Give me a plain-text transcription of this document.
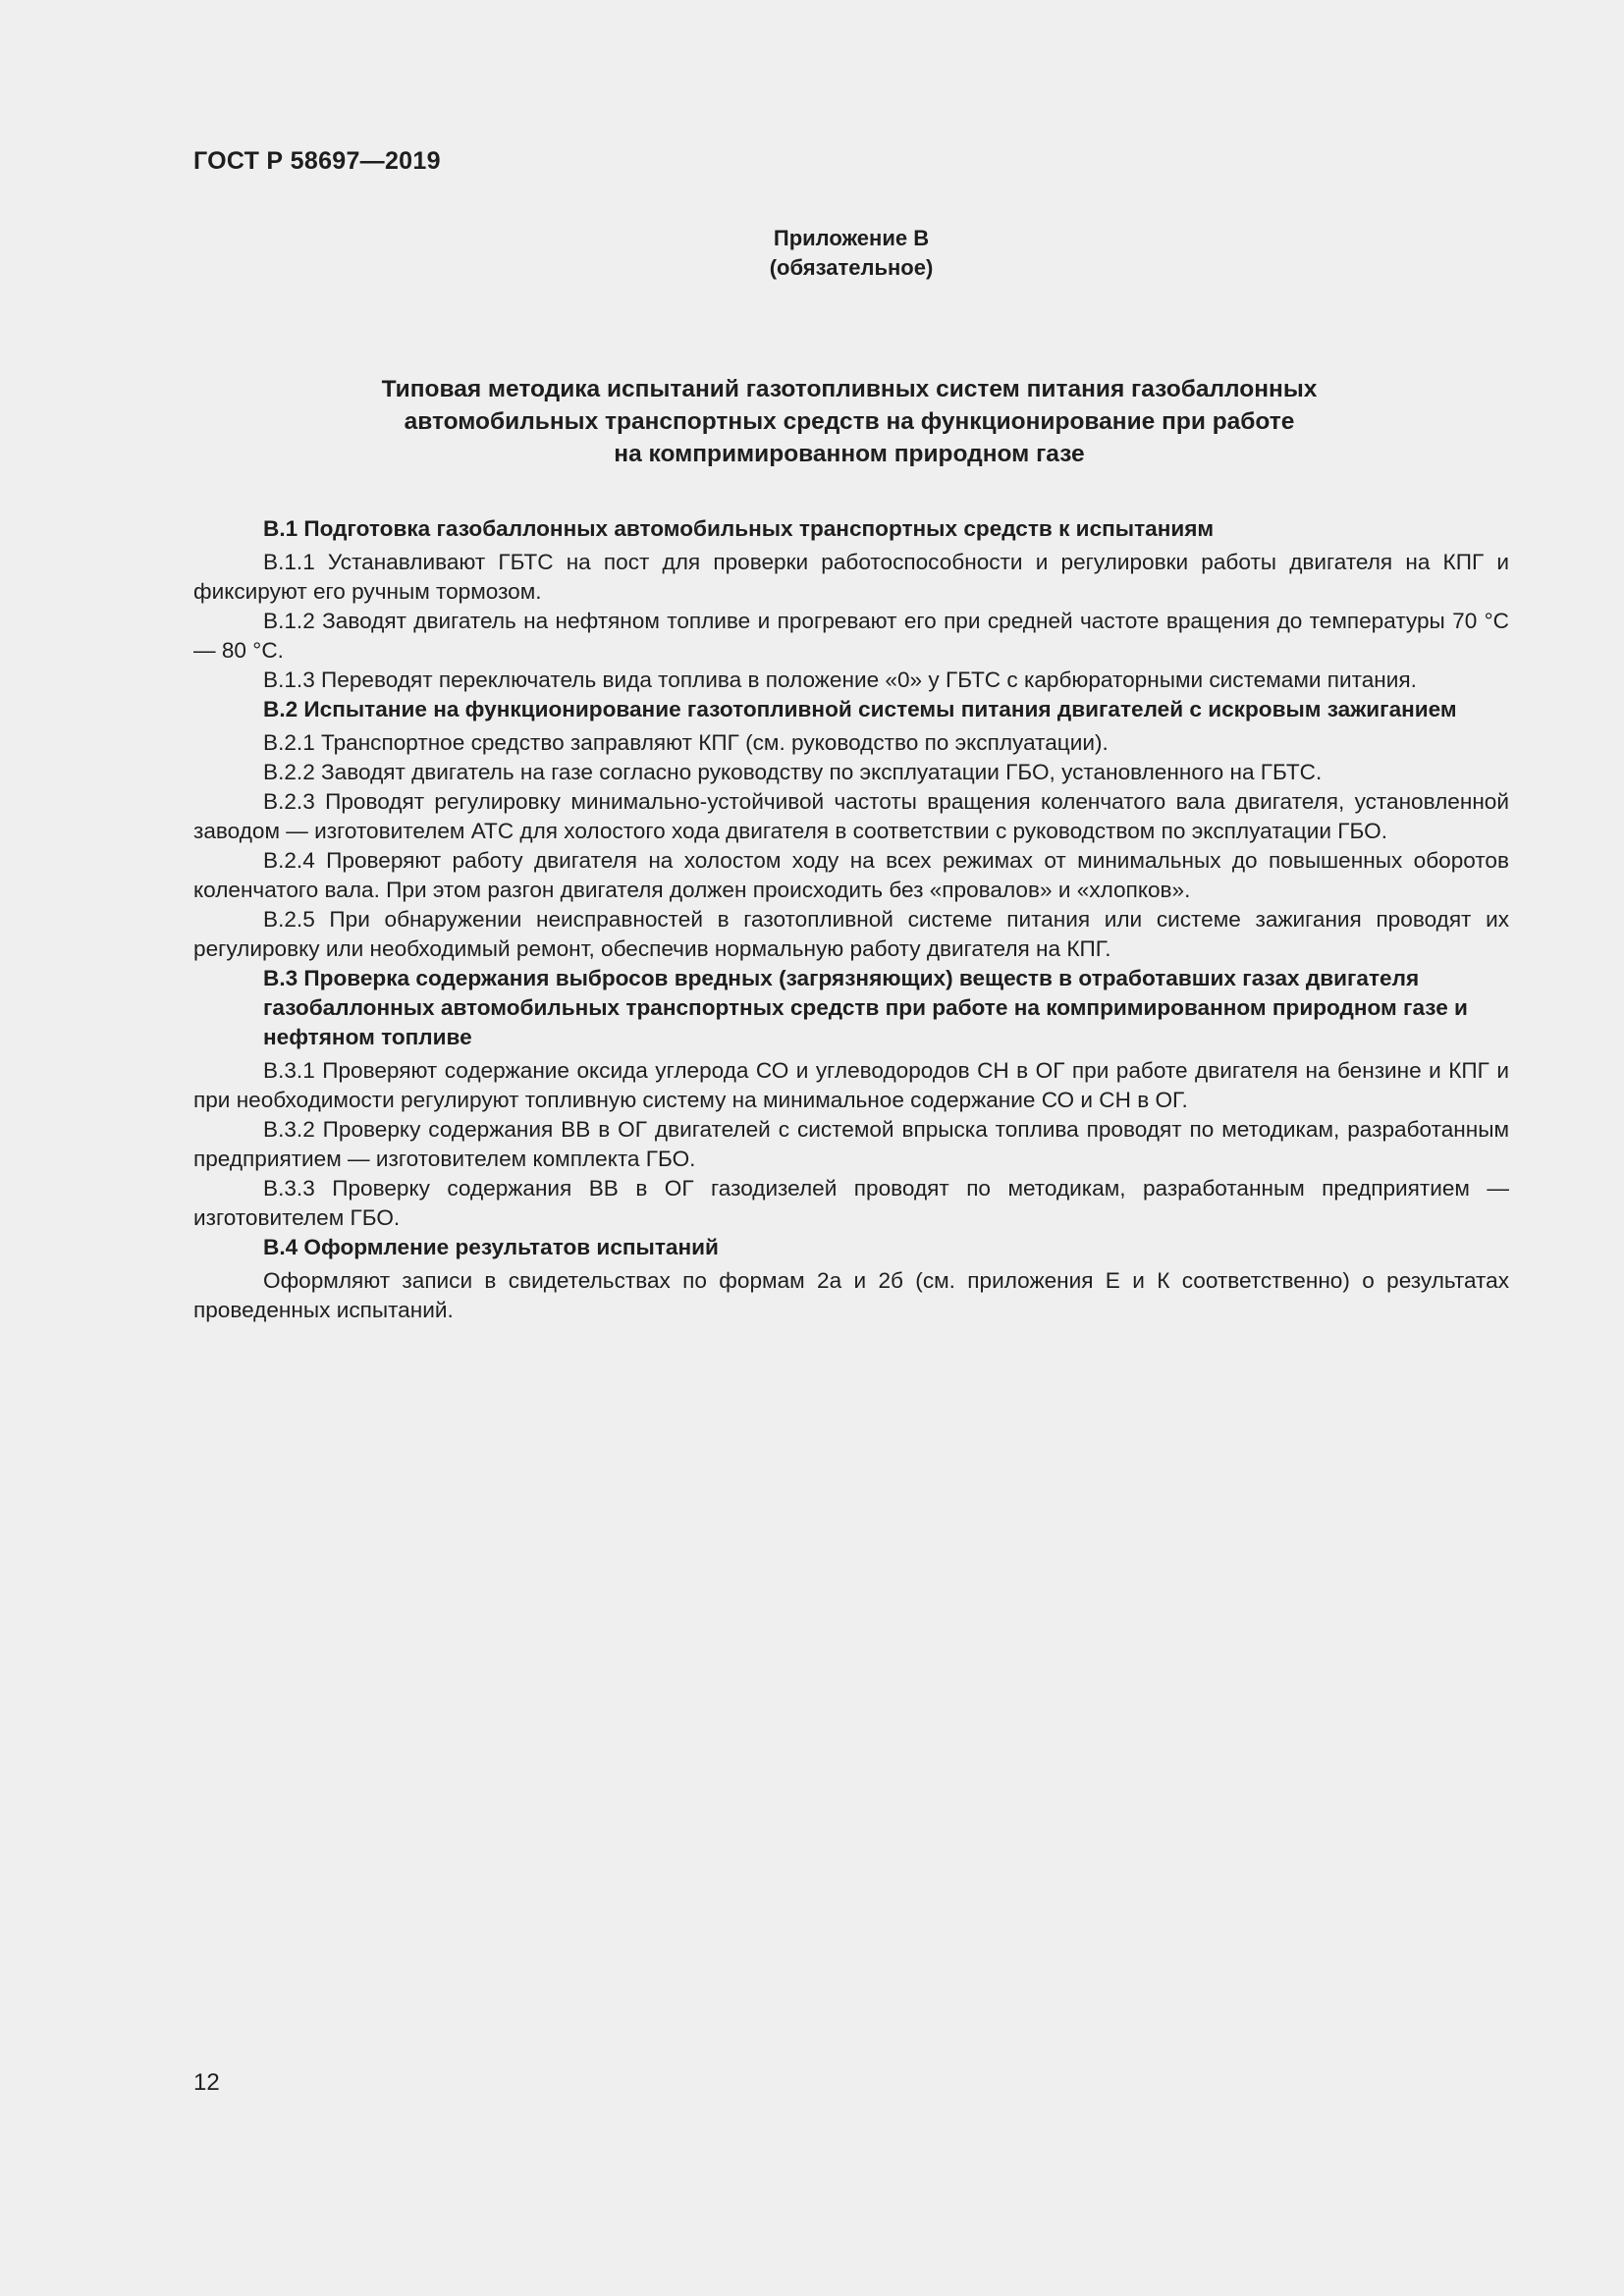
ГОСТ Р 58697—2019
Приложение В
(обязательное)
Типовая методика испытаний газотопливных систем питания газобаллонных
автомобильных транспортных средств на функционирование при работе
на компримированном природном газе
В.1 Подготовка газобаллонных автомобильных транспортных средств к испытаниям

В.1.1 Устанавливают ГБТС на пост для проверки работоспособности и регулировки работы двигателя на КПГ и фиксируют его ручным тормозом.

В.1.2 Заводят двигатель на нефтяном топливе и прогревают его при средней частоте вращения до температуры 70 °С — 80 °С.

В.1.3 Переводят переключатель вида топлива в положение «0» у ГБТС с карбюраторными системами питания.

В.2 Испытание на функционирование газотопливной системы питания двигателей с искровым зажиганием

В.2.1 Транспортное средство заправляют КПГ (см. руководство по эксплуатации).

В.2.2 Заводят двигатель на газе согласно руководству по эксплуатации ГБО, установленного на ГБТС.

В.2.3 Проводят регулировку минимально-устойчивой частоты вращения коленчатого вала двигателя, установленной заводом — изготовителем АТС для холостого хода двигателя в соответствии с руководством по эксплуатации ГБО.

В.2.4 Проверяют работу двигателя на холостом ходу на всех режимах от минимальных до повышенных оборотов коленчатого вала. При этом разгон двигателя должен происходить без «провалов» и «хлопков».

В.2.5 При обнаружении неисправностей в газотопливной системе питания или системе зажигания проводят их регулировку или необходимый ремонт, обеспечив нормальную работу двигателя на КПГ.

В.3 Проверка содержания выбросов вредных (загрязняющих) веществ в отработавших газах двигателя газобаллонных автомобильных транспортных средств при работе на компримированном природном газе и нефтяном топливе

В.3.1 Проверяют содержание оксида углерода СО и углеводородов СН в ОГ при работе двигателя на бензине и КПГ и при необходимости регулируют топливную систему на минимальное содержание СО и СН в ОГ.

В.3.2 Проверку содержания ВВ в ОГ двигателей с системой впрыска топлива проводят по методикам, разработанным предприятием — изготовителем комплекта ГБО.

В.3.3 Проверку содержания ВВ в ОГ газодизелей проводят по методикам, разработанным предприятием — изготовителем ГБО.

В.4 Оформление результатов испытаний

Оформляют записи в свидетельствах по формам 2а и 2б (см. приложения Е и К соответственно) о результатах проведенных испытаний.

12
